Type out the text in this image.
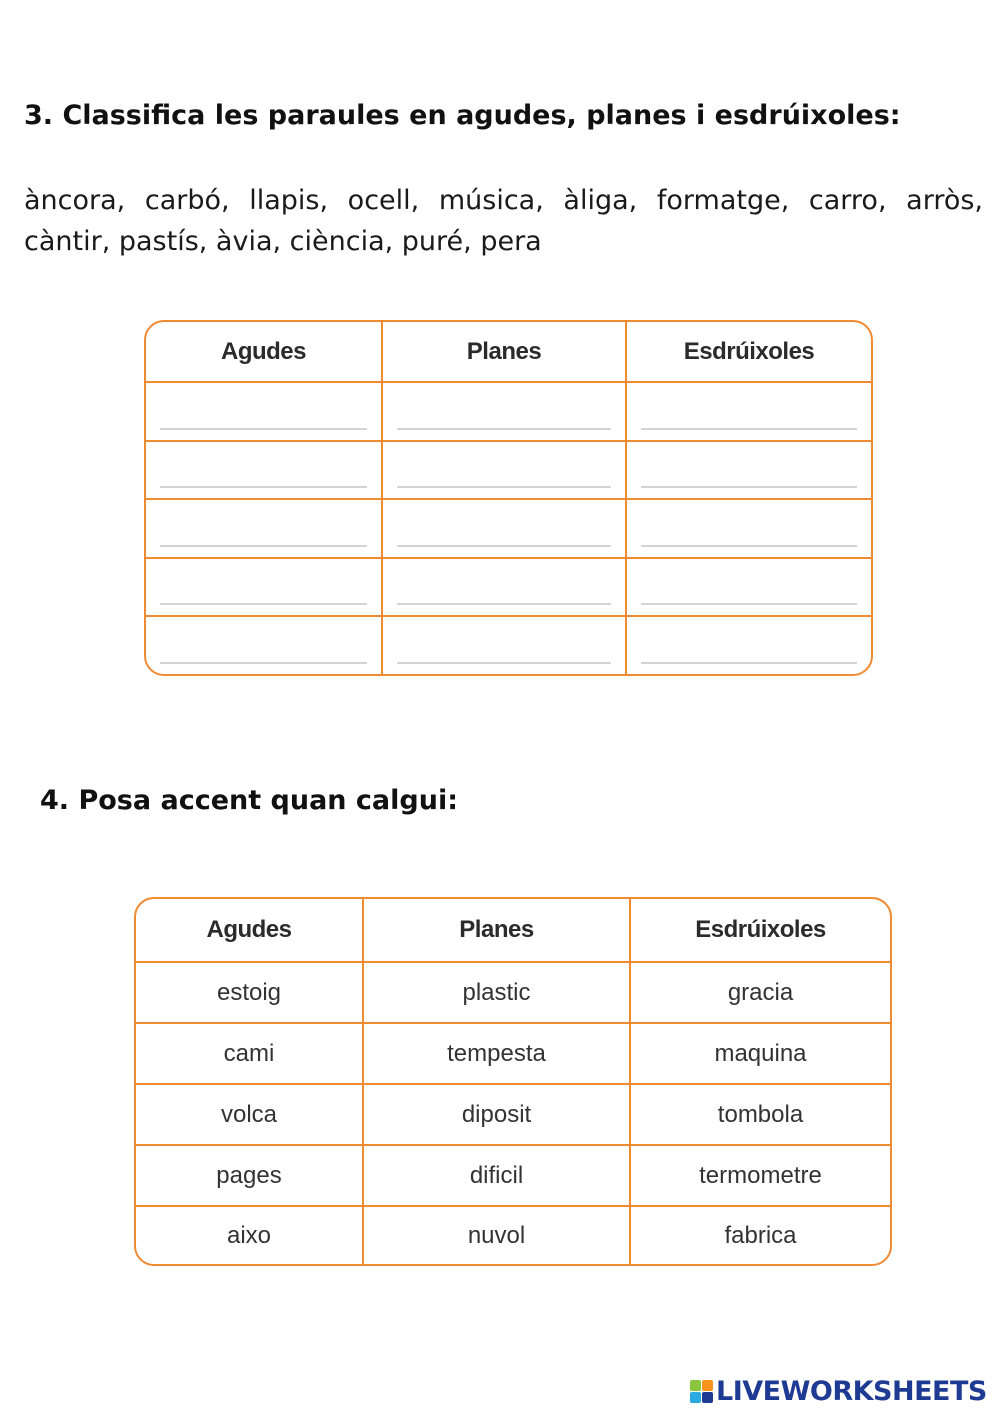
3. Classifica les paraules en agudes, planes i esdrúixoles:

àncora, carbó, llapis, ocell, música, àliga, formatge, carro, arròs, càntir, pastís, àvia, ciència, puré, pera

Agudes	Planes	Esdrúixoles
4. Posa accent quan calgui:
Agudes	Planes	Esdrúixoles
estoig	plastic	gracia
cami	tempesta	maquina
volca	diposit	tombola
pages	dificil	termometre
aixo	nuvol	fabrica
LIVEWORKSHEETS
